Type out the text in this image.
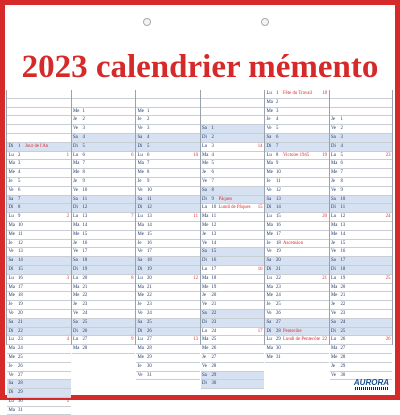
2023 calendrier mémento
Di 1 Jour de l'An
Lu 2	1
Ma 3
Me 4
Je 5
Ve 6
Sa 7
Di 8
Lu 9	2
Ma 10
Me 11
Je 12
Ve 13
Sa 14
Di 15
Lu 16	3
Ma 17
Me 18
Je 19
Ve 20
Sa 21
Di 22
Lu 23	4
Ma 24
Me 25
Je 26
Ve 27
Sa 28
Di 29
Lu 30	5
Ma 31
Me 1
Je 2
Ve 3
Sa 4
Di 5
Lu 6	6
Ma 7
Me 8
Je 9
Ve 10
Sa 11
Di 12
Lu 13	7
Ma 14
Me 15
Je 16
Ve 17
Sa 18
Di 19
Lu 20	8
Ma 21
Me 22
Je 23
Ve 24
Sa 25
Di 26
Lu 27	9
Ma 28
Me 1
Je 2
Ve 3
Sa 4
Di 5
Lu 6	10
Ma 7
Me 8
Je 9
Ve 10
Sa 11
Di 12
Lu 13	11
Ma 14
Me 15
Je 16
Ve 17
Sa 18
Di 19
Lu 20	12
Ma 21
Me 22
Je 23
Ve 24
Sa 25
Di 26
Lu 27	13
Ma 28
Me 29
Je 30
Ve 31
Sa 1
Di 2
Lu 3	14
Ma 4
Me 5
Je 6
Ve 7
Sa 8
Di 9 Pâques
Lu 10 Lundi de Pâques 15
Ma 11
Me 12
Je 13
Ve 14
Sa 15
Di 16
Lu 17	16
Ma 18
Me 19
Je 20
Ve 21
Sa 22
Di 23
Lu 24	17
Ma 25
Me 26
Je 27
Ve 28
Sa 29
Di 30
Lu 1 Fête du Travail 18
Ma 2
Me 3
Je 4
Ve 5
Sa 6
Di 7
Lu 8 Victoire 1945	19
Ma 9
Me 10
Je 11
Ve 12
Sa 13
Di 14
Lu 15	20
Ma 16
Me 17
Je 18 Ascension
Ve 19
Sa 20
Di 21
Lu 22	21
Ma 23
Me 24
Je 25
Ve 26
Sa 27
Di 28 Pentecôte
Lu 29 Lundi de Pentecôte 22
Ma 30
Me 31
Je 1
Ve 2
Sa 3
Di 4
Lu 5	23
Ma 6
Me 7
Je 8
Ve 9
Sa 10
Di 11
Lu 12	24
Ma 13
Me 14
Je 15
Ve 16
Sa 17
Di 18
Lu 19	25
Ma 20
Me 21
Je 22
Ve 23
Sa 24
Di 25
Lu 26	26
Ma 27
Me 28
Je 29
Ve 30
AURORA
